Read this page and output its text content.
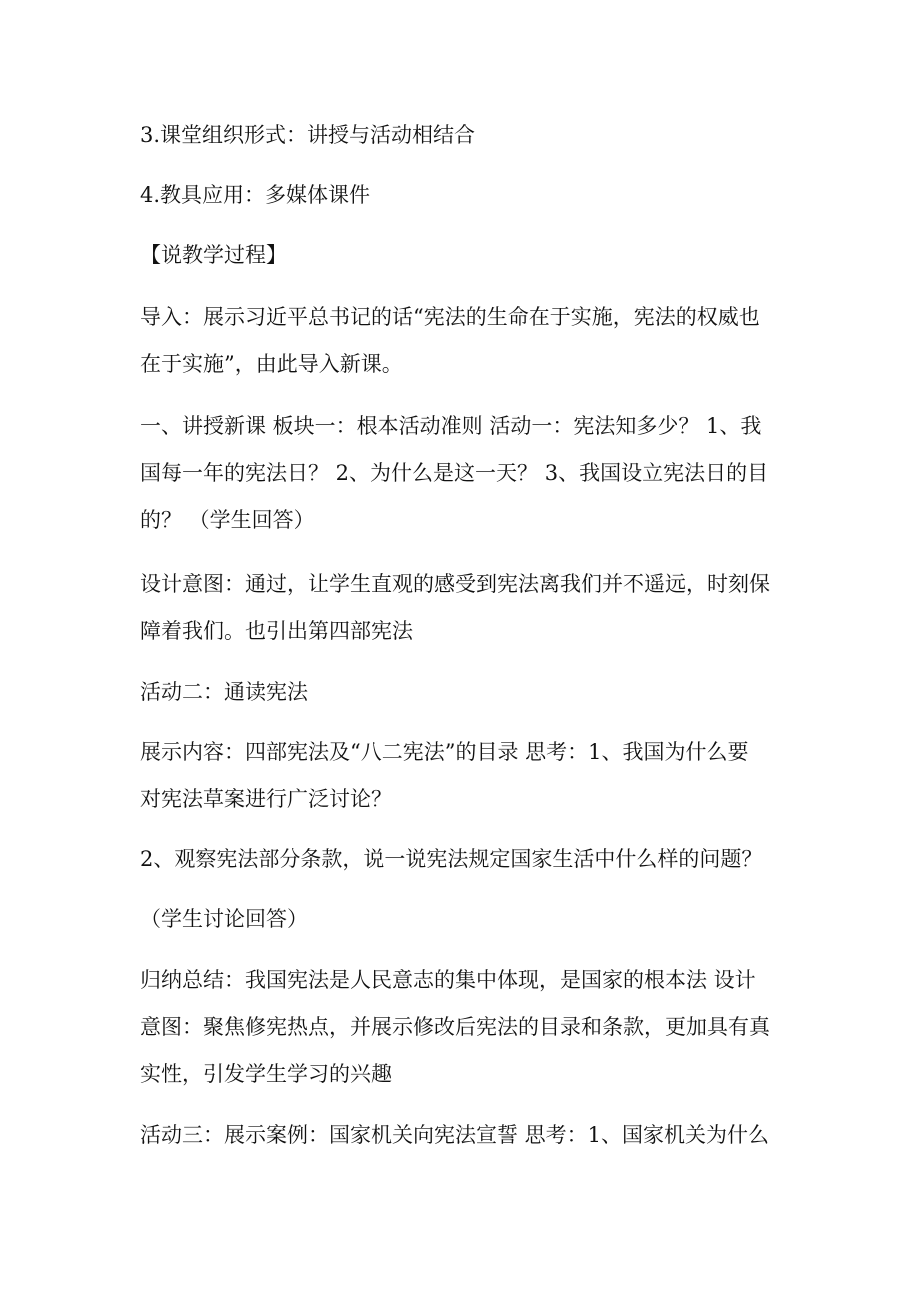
3.课堂组织形式：讲授与活动相结合

4.教具应用：多媒体课件

【说教学过程】

导入：展示习近平总书记的话“宪法的生命在于实施，宪法的权威也
在于实施”，由此导入新课。

一、讲授新课 板块一：根本活动准则 活动一：宪法知多少？ 1、我
国每一年的宪法日？ 2、为什么是这一天？ 3、我国设立宪法日的目
的？ （学生回答）

设计意图：通过，让学生直观的感受到宪法离我们并不遥远，时刻保
障着我们。也引出第四部宪法

活动二：通读宪法

展示内容：四部宪法及“八二宪法”的目录 思考：1、我国为什么要
对宪法草案进行广泛讨论？

2、观察宪法部分条款，说一说宪法规定国家生活中什么样的问题？

（学生讨论回答）

归纳总结：我国宪法是人民意志的集中体现，是国家的根本法 设计
意图：聚焦修宪热点，并展示修改后宪法的目录和条款，更加具有真
实性，引发学生学习的兴趣

活动三：展示案例：国家机关向宪法宣誓 思考：1、国家机关为什么
